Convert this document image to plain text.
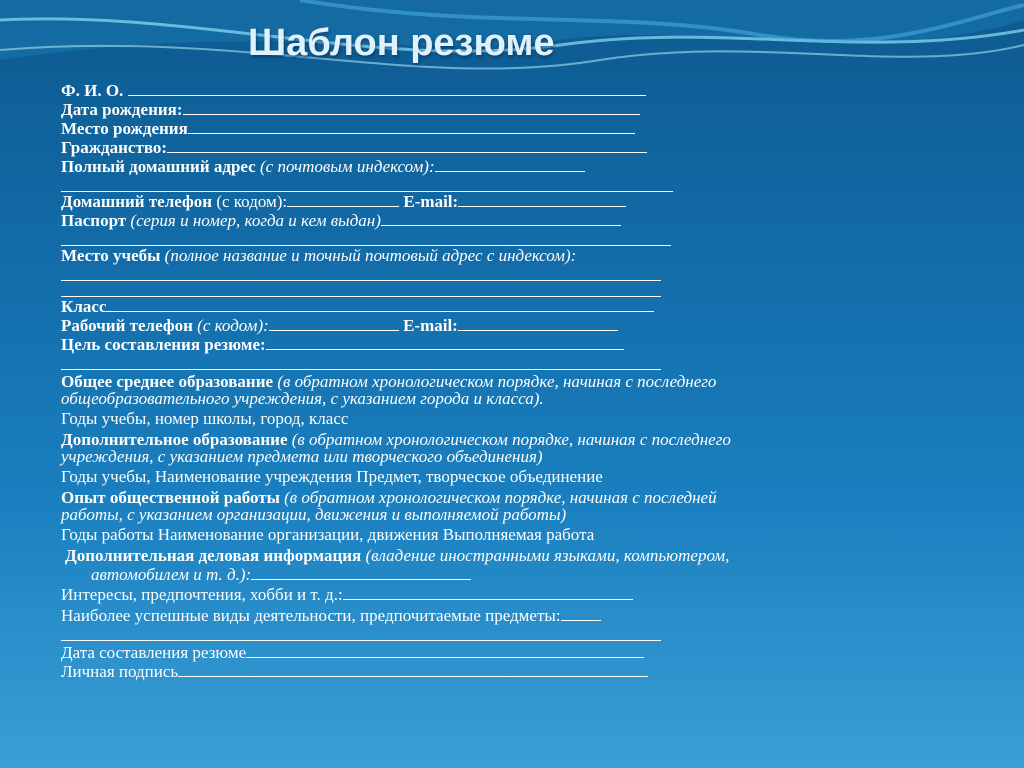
Шаблон резюме

Ф. И. О.

Дата рождения:

Место рождения

Гражданство:

Полный домашний адрес (с почтовым индексом):

Домашний телефон (с кодом):	E-mail:

Паспорт (серия и номер, когда и кем выдан)

Место учебы (полное название и точный почтовый адрес с индексом):

Класс

Рабочий телефон (с кодом):	E-mail:

Цель составления резюме:

Общее среднее образование (в обратном хронологическом порядке, начиная с последнего

общеобразовательного учреждения, с указанием города и класса).

Годы учебы, номер школы, город, класс

Дополнительное образование (в обратном хронологическом порядке, начиная с последнего

учреждения, с указанием предмета или творческого объединения)

Годы учебы, Наименование учреждения Предмет, творческое объединение

Опыт общественной работы (в обратном хронологическом порядке, начиная с последней

работы, с указанием организации, движения и выполняемой работы)

Годы работы Наименование организации, движения Выполняемая работа

Дополнительная деловая информация (владение иностранными языками, компьютером,

автомобилем и т. д.):

Интересы, предпочтения, хобби и т. д.:

Наиболее успешные виды деятельности, предпочитаемые предметы:

Дата составления резюме

Личная подпись
